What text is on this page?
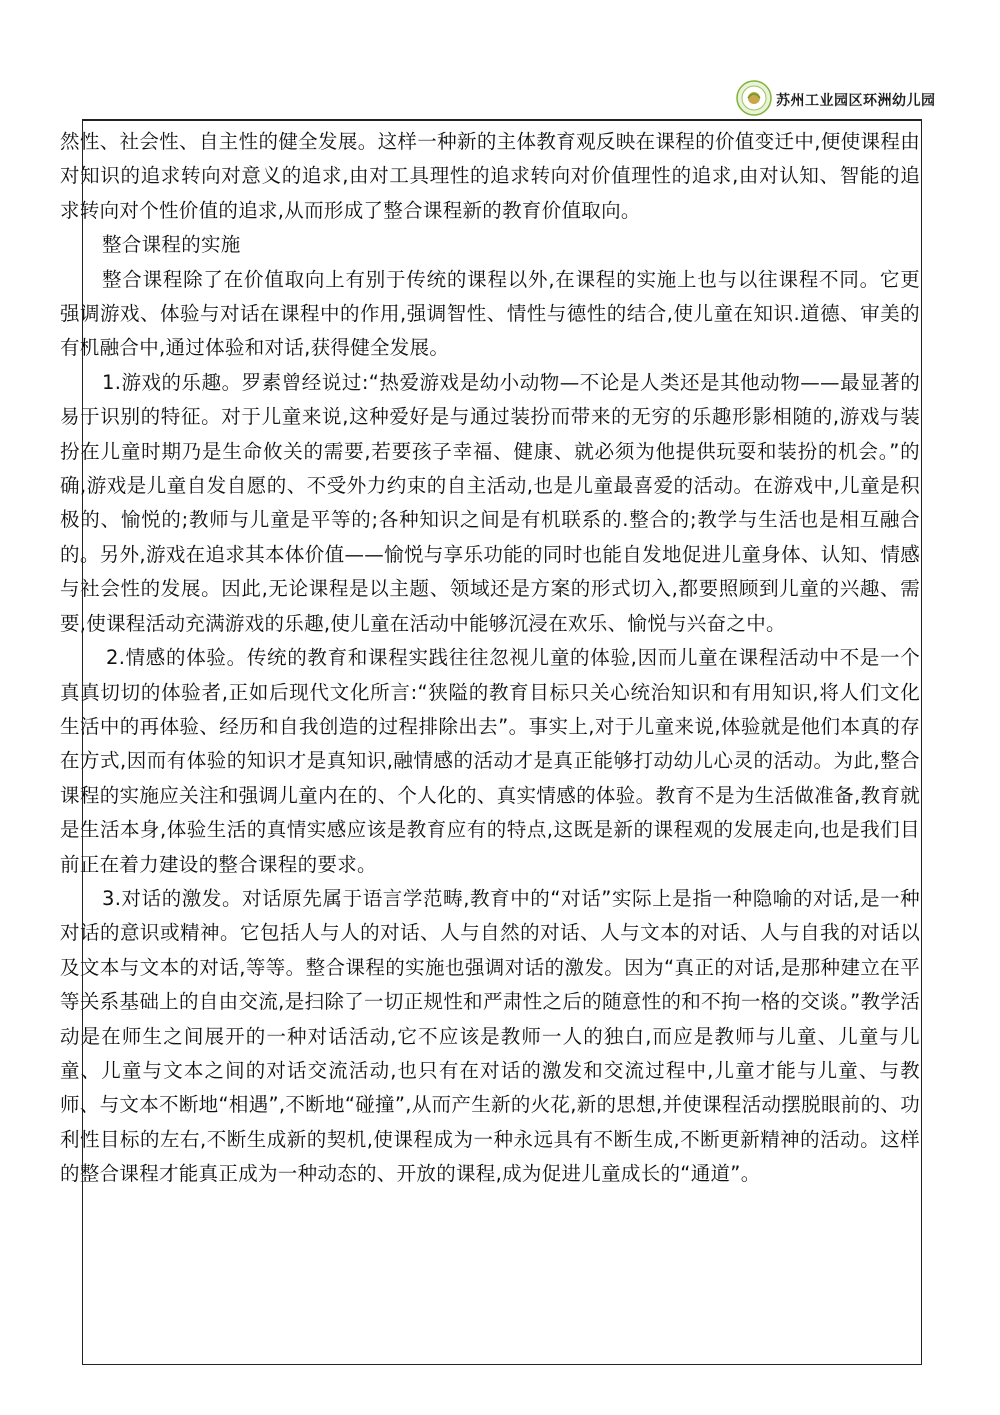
苏州工业园区环洲幼儿园

然性、社会性、自主性的健全发展。这样一种新的主体教育观反映在课程的价值变迁中,便使课程由对知识的追求转向对意义的追求,由对工具理性的追求转向对价值理性的追求,由对认知、智能的追求转向对个性价值的追求,从而形成了整合课程新的教育价值取向。

整合课程的实施

整合课程除了在价值取向上有别于传统的课程以外,在课程的实施上也与以往课程不同。它更强调游戏、体验与对话在课程中的作用,强调智性、情性与德性的结合,使儿童在知识.道德、审美的有机融合中,通过体验和对话,获得健全发展。

1.游戏的乐趣。罗素曾经说过:“热爱游戏是幼小动物—不论是人类还是其他动物——最显著的易于识别的特征。对于儿童来说,这种爱好是与通过装扮而带来的无穷的乐趣形影相随的,游戏与装扮在儿童时期乃是生命攸关的需要,若要孩子幸福、健康、就必须为他提供玩耍和装扮的机会。”的确,游戏是儿童自发自愿的、不受外力约束的自主活动,也是儿童最喜爱的活动。在游戏中,儿童是积极的、愉悦的;教师与儿童是平等的;各种知识之间是有机联系的.整合的;教学与生活也是相互融合的。另外,游戏在追求其本体价值——愉悦与享乐功能的同时也能自发地促进儿童身体、认知、情感与社会性的发展。因此,无论课程是以主题、领域还是方案的形式切入,都要照顾到儿童的兴趣、需要,使课程活动充满游戏的乐趣,使儿童在活动中能够沉浸在欢乐、愉悦与兴奋之中。

2.情感的体验。传统的教育和课程实践往往忽视儿童的体验,因而儿童在课程活动中不是一个真真切切的体验者,正如后现代文化所言:“狭隘的教育目标只关心统治知识和有用知识,将人们文化生活中的再体验、经历和自我创造的过程排除出去”。事实上,对于儿童来说,体验就是他们本真的存在方式,因而有体验的知识才是真知识,融情感的活动才是真正能够打动幼儿心灵的活动。为此,整合课程的实施应关注和强调儿童内在的、个人化的、真实情感的体验。教育不是为生活做准备,教育就是生活本身,体验生活的真情实感应该是教育应有的特点,这既是新的课程观的发展走向,也是我们目前正在着力建设的整合课程的要求。

3.对话的激发。对话原先属于语言学范畴,教育中的“对话”实际上是指一种隐喻的对话,是一种对话的意识或精神。它包括人与人的对话、人与自然的对话、人与文本的对话、人与自我的对话以及文本与文本的对话,等等。整合课程的实施也强调对话的激发。因为“真正的对话,是那种建立在平等关系基础上的自由交流,是扫除了一切正规性和严肃性之后的随意性的和不拘一格的交谈。”教学活动是在师生之间展开的一种对话活动,它不应该是教师一人的独白,而应是教师与儿童、儿童与儿童、儿童与文本之间的对话交流活动,也只有在对话的激发和交流过程中,儿童才能与儿童、与教师、与文本不断地“相遇”,不断地“碰撞”,从而产生新的火花,新的思想,并使课程活动摆脱眼前的、功利性目标的左右,不断生成新的契机,使课程成为一种永远具有不断生成,不断更新精神的活动。这样的整合课程才能真正成为一种动态的、开放的课程,成为促进儿童成长的“通道”。
